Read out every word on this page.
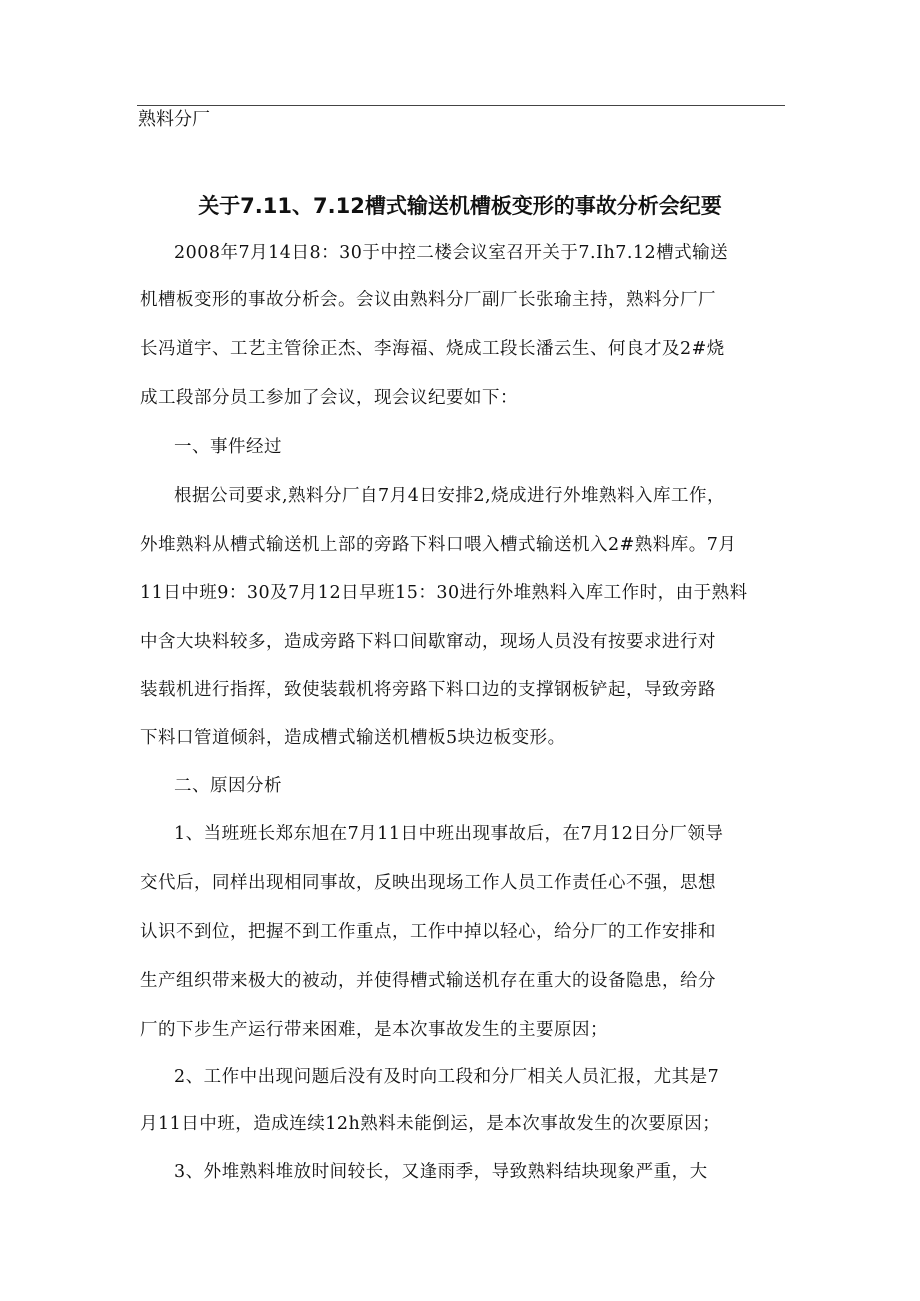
熟料分厂
关于7.11、7.12槽式输送机槽板变形的事故分析会纪要
2008年7月14日8：30于中控二楼会议室召开关于7.Ih7.12槽式输送
机槽板变形的事故分析会。会议由熟料分厂副厂长张瑜主持，熟料分厂厂
长冯道宇、工艺主管徐正杰、李海福、烧成工段长潘云生、何良才及2#烧
成工段部分员工参加了会议，现会议纪要如下：
一、事件经过
根据公司要求,熟料分厂自7月4日安排2,烧成进行外堆熟料入库工作，
外堆熟料从槽式输送机上部的旁路下料口喂入槽式输送机入2#熟料库。7月
11日中班9：30及7月12日早班15：30进行外堆熟料入库工作时，由于熟料
中含大块料较多，造成旁路下料口间歇窜动，现场人员没有按要求进行对
装载机进行指挥，致使装载机将旁路下料口边的支撑钢板铲起，导致旁路
下料口管道倾斜，造成槽式输送机槽板5块边板变形。
二、原因分析
1、当班班长郑东旭在7月11日中班出现事故后，在7月12日分厂领导
交代后，同样出现相同事故，反映出现场工作人员工作责任心不强，思想
认识不到位，把握不到工作重点，工作中掉以轻心，给分厂的工作安排和
生产组织带来极大的被动，并使得槽式输送机存在重大的设备隐患，给分
厂的下步生产运行带来困难，是本次事故发生的主要原因；
2、工作中出现问题后没有及时向工段和分厂相关人员汇报，尤其是7
月11日中班，造成连续12h熟料未能倒运，是本次事故发生的次要原因；
3、外堆熟料堆放时间较长，又逢雨季，导致熟料结块现象严重，大
